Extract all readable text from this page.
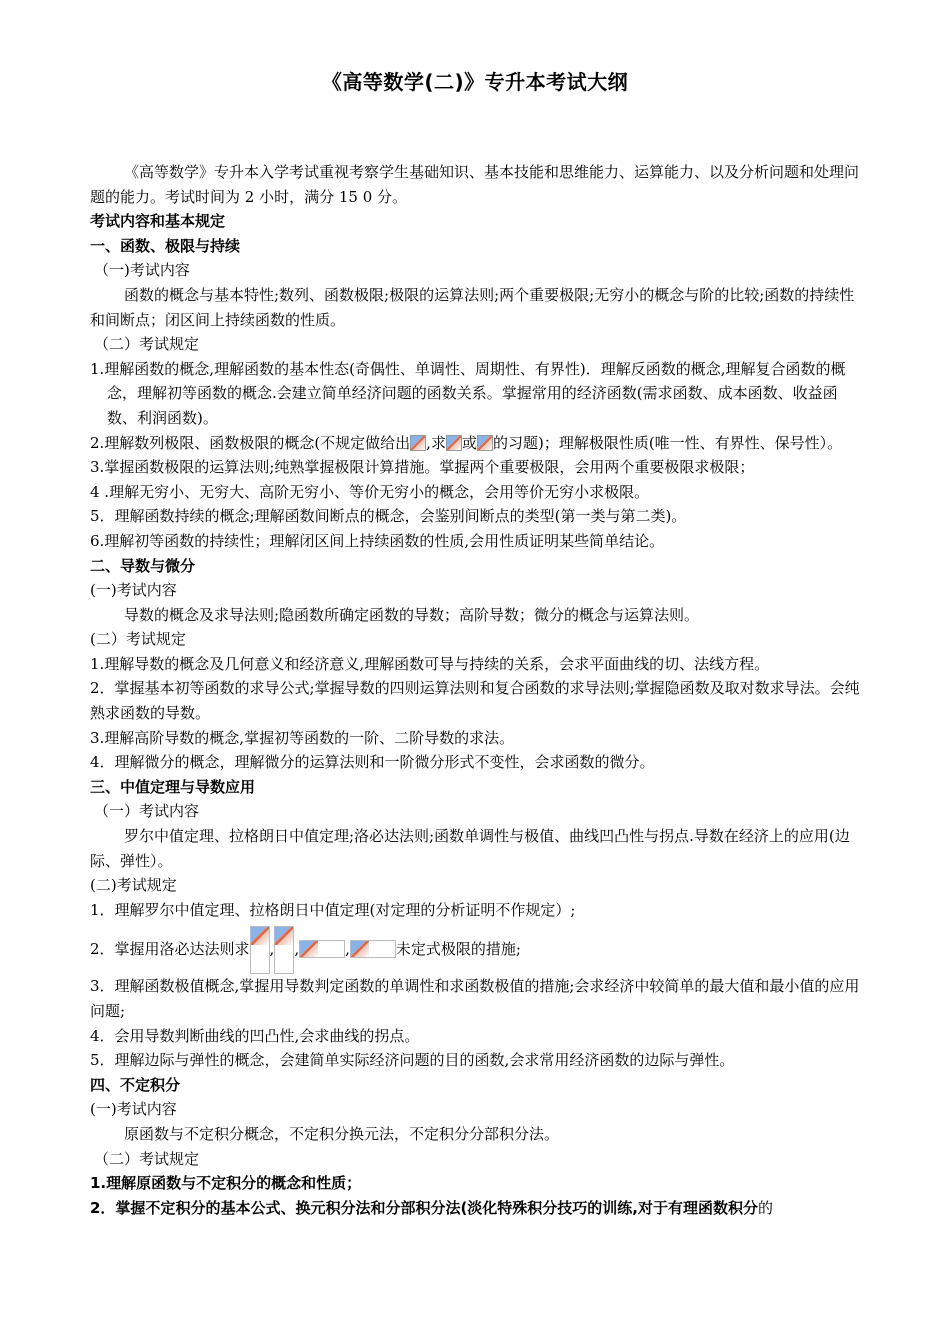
《高等数学(二)》专升本考试大纲

《高等数学》专升本入学考试重视考察学生基础知识、基本技能和思维能力、运算能力、以及分析问题和处理问题的能力。考试时间为 2 小时，满分 15 0 分。

考试内容和基本规定

一、函数、极限与持续

（一)考试内容

函数的概念与基本特性;数列、函数极限;极限的运算法则;两个重要极限;无穷小的概念与阶的比较;函数的持续性和间断点；闭区间上持续函数的性质。

（二）考试规定

1.理解函数的概念,理解函数的基本性态(奇偶性、单调性、周期性、有界性)．理解反函数的概念,理解复合函数的概念，理解初等函数的概念.会建立简单经济问题的函数关系。掌握常用的经济函数(需求函数、成本函数、收益函数、利润函数)。

2.理解数列极限、函数极限的概念(不规定做给出 ,求 或 的习题)；理解极限性质(唯一性、有界性、保号性）。

3.掌握函数极限的运算法则;纯熟掌握极限计算措施。掌握两个重要极限，会用两个重要极限求极限；

4 .理解无穷小、无穷大、高阶无穷小、等价无穷小的概念，会用等价无穷小求极限。

5．理解函数持续的概念;理解函数间断点的概念，会鉴别间断点的类型(第一类与第二类)。

6.理解初等函数的持续性；理解闭区间上持续函数的性质,会用性质证明某些简单结论。

二、导数与微分

(一)考试内容

导数的概念及求导法则;隐函数所确定函数的导数；高阶导数；微分的概念与运算法则。

(二）考试规定

1.理解导数的概念及几何意义和经济意义,理解函数可导与持续的关系，会求平面曲线的切、法线方程。

2．掌握基本初等函数的求导公式;掌握导数的四则运算法则和复合函数的求导法则;掌握隐函数及取对数求导法。会纯熟求函数的导数。

3.理解高阶导数的概念,掌握初等函数的一阶、二阶导数的求法。

4．理解微分的概念，理解微分的运算法则和一阶微分形式不变性，会求函数的微分。

三、中值定理与导数应用

（一）考试内容

罗尔中值定理、拉格朗日中值定理;洛必达法则;函数单调性与极值、曲线凹凸性与拐点.导数在经济上的应用(边际、弹性）。

(二)考试规定

1．理解罗尔中值定理、拉格朗日中值定理(对定理的分析证明不作规定）;

2．掌握用洛必达法则求 , ,	,	未定式极限的措施;

3．理解函数极值概念,掌握用导数判定函数的单调性和求函数极值的措施;会求经济中较简单的最大值和最小值的应用问题;

4．会用导数判断曲线的凹凸性,会求曲线的拐点。

5．理解边际与弹性的概念，会建简单实际经济问题的目的函数,会求常用经济函数的边际与弹性。

四、不定积分

(一)考试内容

原函数与不定积分概念，不定积分换元法，不定积分分部积分法。

（二）考试规定

1.理解原函数与不定积分的概念和性质；

2．掌握不定积分的基本公式、换元积分法和分部积分法(淡化特殊积分技巧的训练,对于有理函数积分的
